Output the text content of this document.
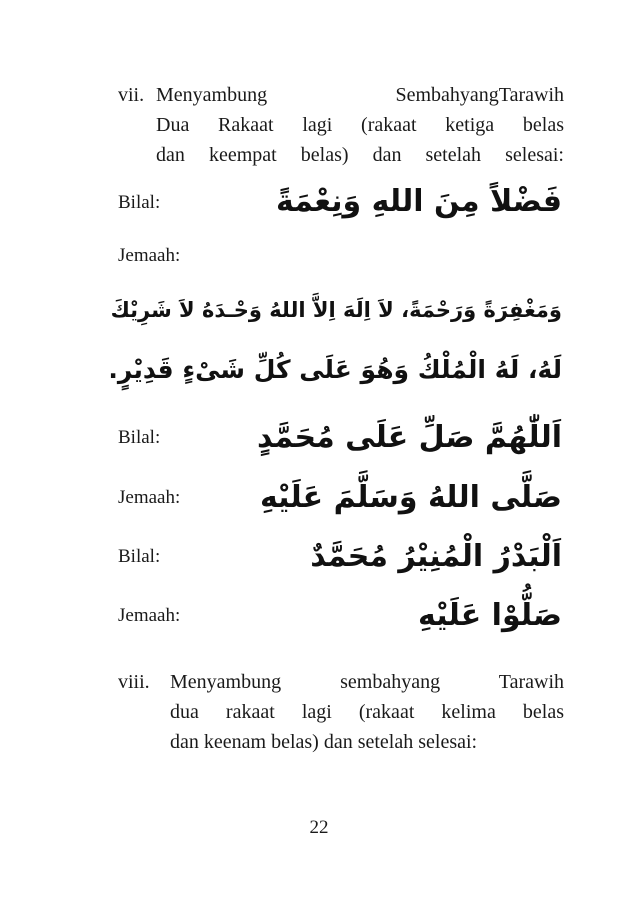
vii. Menyambung SembahyangTarawih
Dua Rakaat lagi (rakaat ketiga belas
dan keempat belas) dan setelah selesai:
Bilal:	فَضْلاً مِنَ اللهِ وَنِعْمَةً
Jemaah:
وَمَغْفِرَةً وَرَحْمَةً، لاَ اِلَهَ اِلاَّ اللهُ وَحْـدَهُ لاَ شَرِيْكَ
لَهُ، لَهُ الْمُلْكُ وَهُوَ عَلَى كُلِّ شَىْءٍ قَدِيْرٍ.
Bilal:	اَللّٰهُمَّ صَلِّ عَلَى مُحَمَّدٍ
Jemaah:	صَلَّى اللهُ وَسَلَّمَ عَلَيْهِ
Bilal:	اَلْبَدْرُ الْمُنِيْرُ مُحَمَّدٌ
Jemaah:	صَلُّوْا عَلَيْهِ
viii. Menyambung sembahyang Tarawih
dua rakaat lagi (rakaat kelima belas
dan keenam belas) dan setelah selesai:
22
